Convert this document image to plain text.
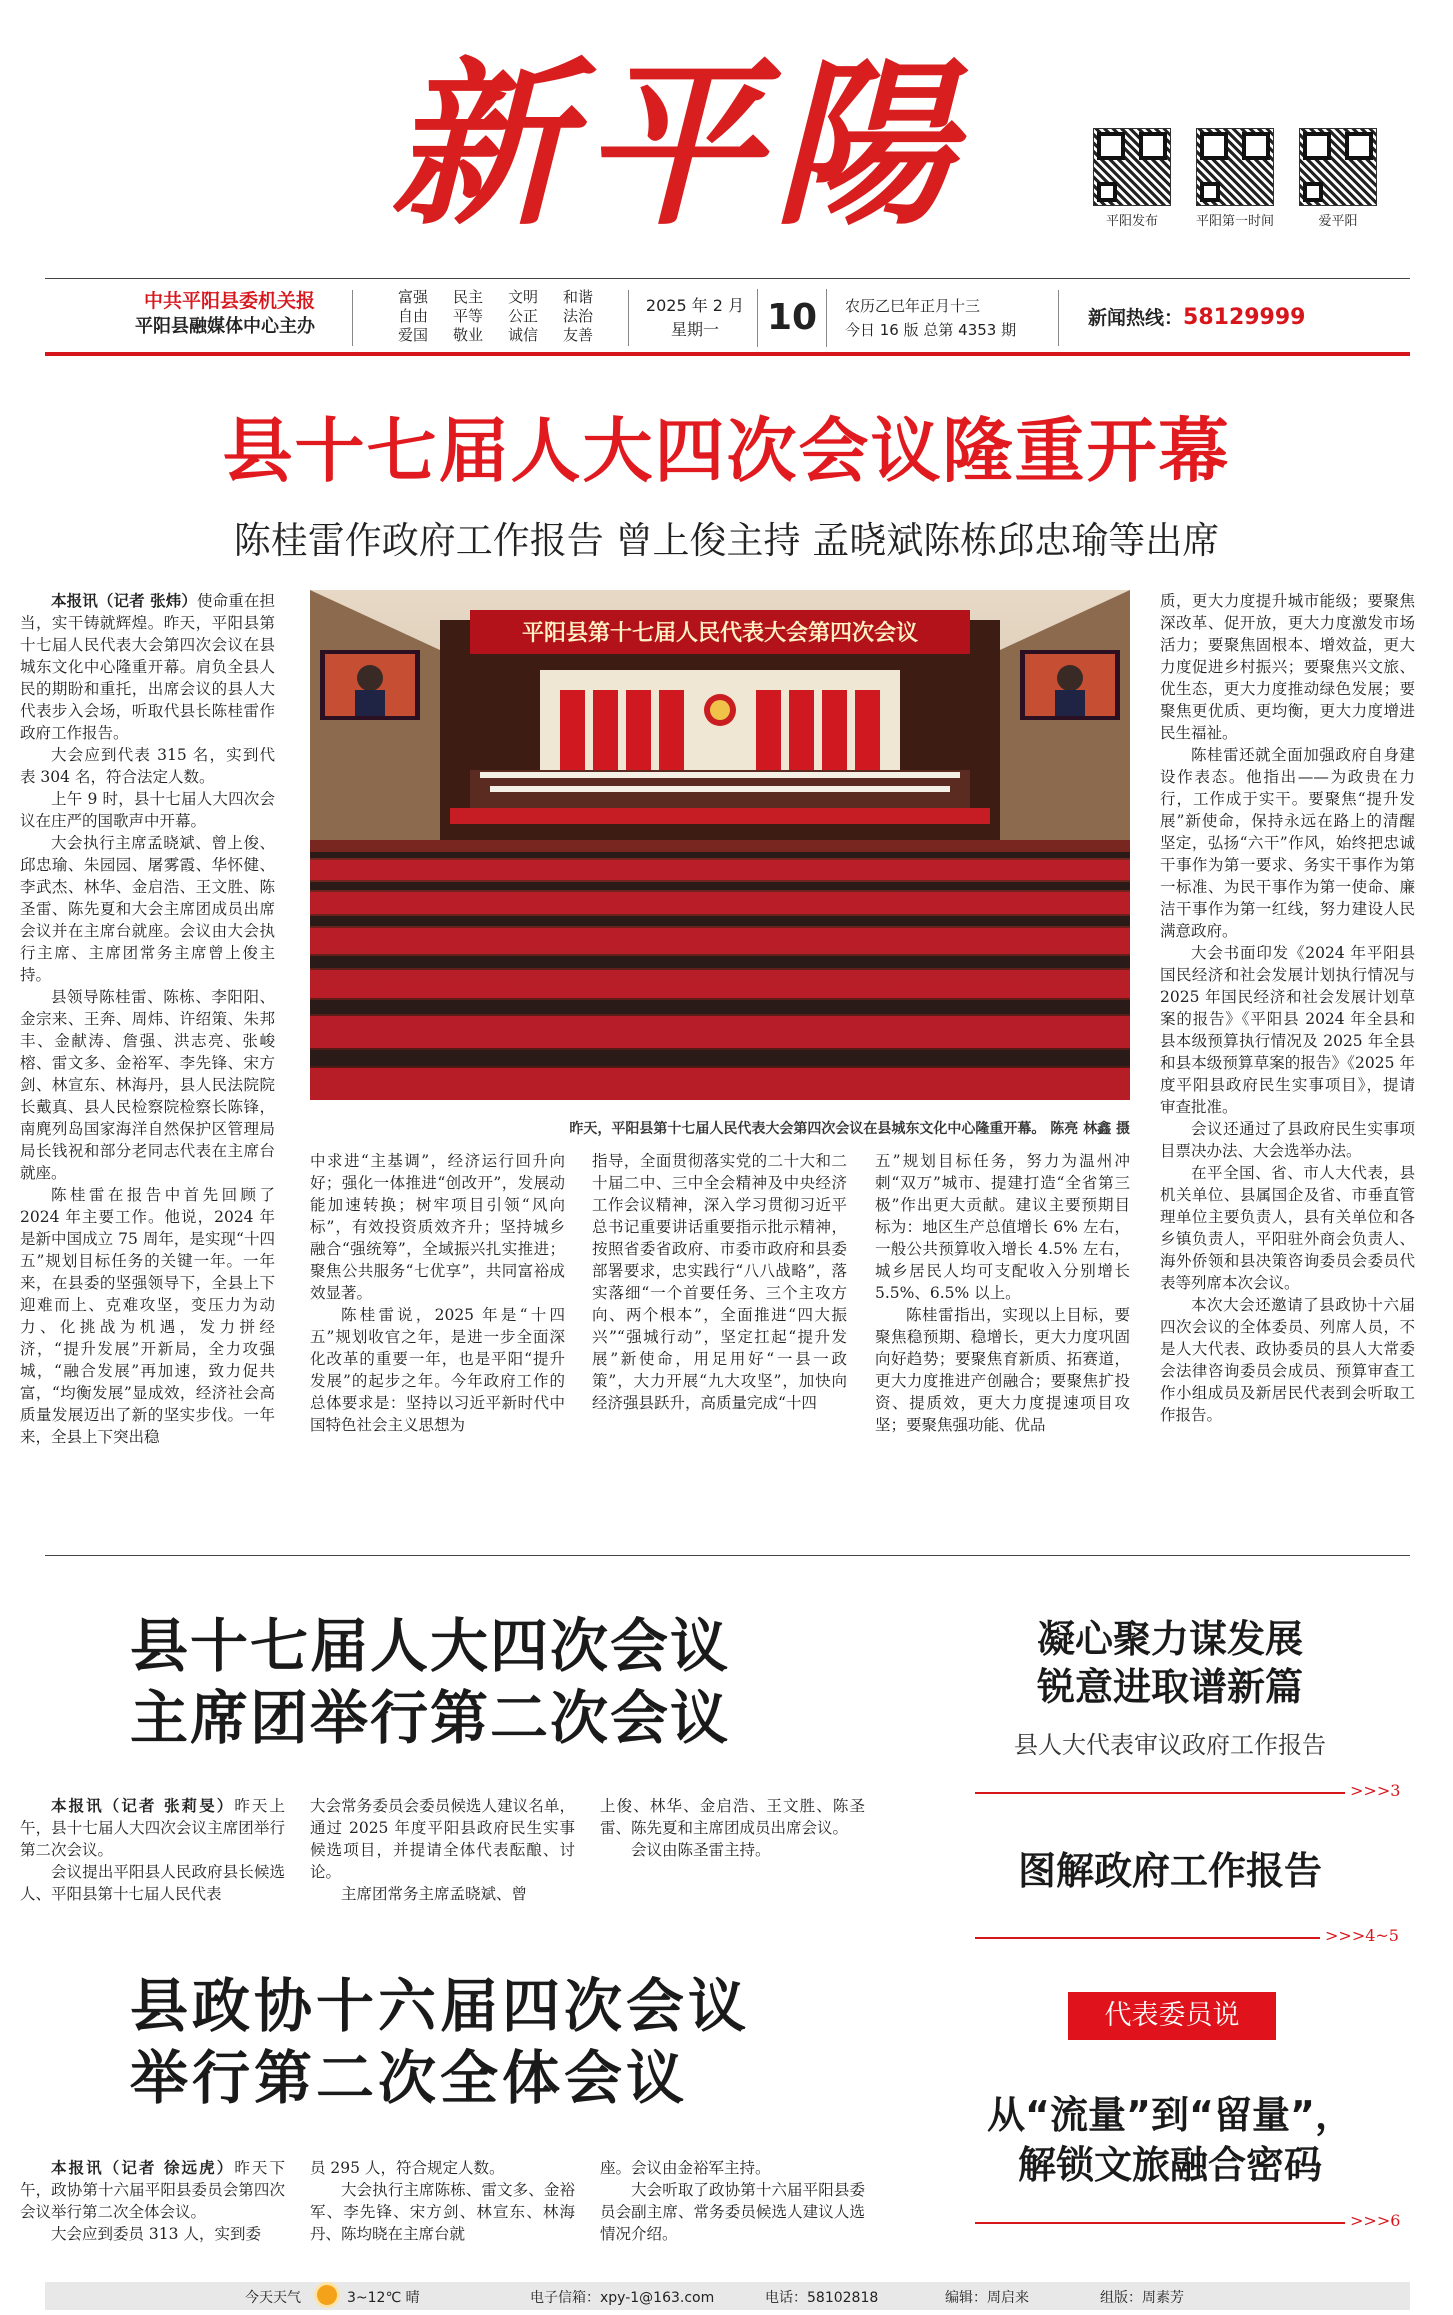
新平陽	平阳发布	平阳第一时间	爱平阳
中共平阳县委机关报
平阳县融媒体中心主办
富强 民主 文明 和谐
自由 平等 公正 法治
爱国 敬业 诚信 友善
2025 年 2 月
星期一	10	农历乙巳年正月十三
今日 16 版 总第 4353 期
新闻热线：58129999
县十七届人大四次会议隆重开幕
陈桂雷作政府工作报告 曾上俊主持 孟晓斌陈栋邱忠瑜等出席

本报讯（记者 张炜）使命重在担当，实干铸就辉煌。昨天，平阳县第十七届人民代表大会第四次会议在县城东文化中心隆重开幕。肩负全县人民的期盼和重托，出席会议的县人大代表步入会场，听取代县长陈桂雷作政府工作报告。

大会应到代表 315 名，实到代表 304 名，符合法定人数。

上午 9 时，县十七届人大四次会议在庄严的国歌声中开幕。

大会执行主席孟晓斌、曾上俊、邱忠瑜、朱园园、屠雾霞、华怀健、李武杰、林华、金启浩、王文胜、陈圣雷、陈先夏和大会主席团成员出席会议并在主席台就座。会议由大会执行主席、主席团常务主席曾上俊主持。

县领导陈桂雷、陈栋、李阳阳、金宗来、王奔、周炜、许绍策、朱邦丰、金献涛、詹强、洪志亮、张峻榕、雷文多、金裕军、李先锋、宋方剑、林宣东、林海丹，县人民法院院长戴真、县人民检察院检察长陈锋，南麂列岛国家海洋自然保护区管理局局长钱祝和部分老同志代表在主席台就座。

陈桂雷在报告中首先回顾了 2024 年主要工作。他说，2024 年是新中国成立 75 周年，是实现“十四五”规划目标任务的关键一年。一年来，在县委的坚强领导下，全县上下迎难而上、克难攻坚，变压力为动力、化挑战为机遇，发力拼经济，“提升发展”开新局，全力攻强城，“融合发展”再加速，致力促共富，“均衡发展”显成效，经济社会高质量发展迈出了新的坚实步伐。一年来，全县上下突出稳

平阳县第十七届人民代表大会第四次会议
昨天，平阳县第十七届人民代表大会第四次会议在县城东文化中心隆重开幕。 陈亮 林鑫 摄

中求进“主基调”，经济运行回升向好；强化一体推进“创改开”，发展动能加速转换；树牢项目引领“风向标”，有效投资质效齐升；坚持城乡融合“强统筹”，全域振兴扎实推进；聚焦公共服务“七优享”，共同富裕成效显著。

陈桂雷说，2025 年是“十四五”规划收官之年，是进一步全面深化改革的重要一年，也是平阳“提升发展”的起步之年。今年政府工作的总体要求是：坚持以习近平新时代中国特色社会主义思想为

指导，全面贯彻落实党的二十大和二十届二中、三中全会精神及中央经济工作会议精神，深入学习贯彻习近平总书记重要讲话重要指示批示精神，按照省委省政府、市委市政府和县委部署要求，忠实践行“八八战略”，落实落细“一个首要任务、三个主攻方向、两个根本”，全面推进“四大振兴”“强城行动”，坚定扛起“提升发展”新使命，用足用好“一县一政策”，大力开展“九大攻坚”，加快向经济强县跃升，高质量完成“十四

五”规划目标任务，努力为温州冲刺“双万”城市、提建打造“全省第三极”作出更大贡献。建议主要预期目标为：地区生产总值增长 6% 左右，一般公共预算收入增长 4.5% 左右，城乡居民人均可支配收入分别增长 5.5%、6.5% 以上。

陈桂雷指出，实现以上目标，要聚焦稳预期、稳增长，更大力度巩固向好趋势；要聚焦育新质、拓赛道，更大力度推进产创融合；要聚焦扩投资、提质效，更大力度提速项目攻坚；要聚焦强功能、优品

质，更大力度提升城市能级；要聚焦深改革、促开放，更大力度激发市场活力；要聚焦固根本、增效益，更大力度促进乡村振兴；要聚焦兴文旅、优生态，更大力度推动绿色发展；要聚焦更优质、更均衡，更大力度增进民生福祉。

陈桂雷还就全面加强政府自身建设作表态。他指出——为政贵在力行，工作成于实干。要聚焦“提升发展”新使命，保持永远在路上的清醒坚定，弘扬“六干”作风，始终把忠诚干事作为第一要求、务实干事作为第一标准、为民干事作为第一使命、廉洁干事作为第一红线，努力建设人民满意政府。

大会书面印发《2024 年平阳县国民经济和社会发展计划执行情况与 2025 年国民经济和社会发展计划草案的报告》《平阳县 2024 年全县和县本级预算执行情况及 2025 年全县和县本级预算草案的报告》《2025 年度平阳县政府民生实事项目》，提请审查批准。

会议还通过了县政府民生实事项目票决办法、大会选举办法。

在平全国、省、市人大代表，县机关单位、县属国企及省、市垂直管理单位主要负责人，县有关单位和各乡镇负责人，平阳驻外商会负责人、海外侨领和县决策咨询委员会委员代表等列席本次会议。

本次大会还邀请了县政协十六届四次会议的全体委员、列席人员，不是人大代表、政协委员的县人大常委会法律咨询委员会成员、预算审查工作小组成员及新居民代表到会听取工作报告。

县十七届人大四次会议
主席团举行第二次会议

本报讯（记者 张莉旻）昨天上午，县十七届人大四次会议主席团举行第二次会议。

会议提出平阳县人民政府县长候选人、平阳县第十七届人民代表

大会常务委员会委员候选人建议名单，通过 2025 年度平阳县政府民生实事候选项目，并提请全体代表酝酿、讨论。

主席团常务主席孟晓斌、曾

上俊、林华、金启浩、王文胜、陈圣雷、陈先夏和主席团成员出席会议。

会议由陈圣雷主持。

县政协十六届四次会议
举行第二次全体会议

本报讯（记者 徐远虎）昨天下午，政协第十六届平阳县委员会第四次会议举行第二次全体会议。

大会应到委员 313 人，实到委

员 295 人，符合规定人数。

大会执行主席陈栋、雷文多、金裕军、李先锋、宋方剑、林宣东、林海丹、陈均晓在主席台就

座。会议由金裕军主持。

大会听取了政协第十六届平阳县委员会副主席、常务委员候选人建议人选情况介绍。

凝心聚力谋发展
锐意进取谱新篇
县人大代表审议政府工作报告
>>>3
图解政府工作报告
>>>4~5
代表委员说
从“流量”到“留量”，
解锁文旅融合密码
>>>6
今天天气	3~12℃ 晴	电子信箱：xpy-1@163.com	电话：58102818	编辑：周启来	组版：周素芳
